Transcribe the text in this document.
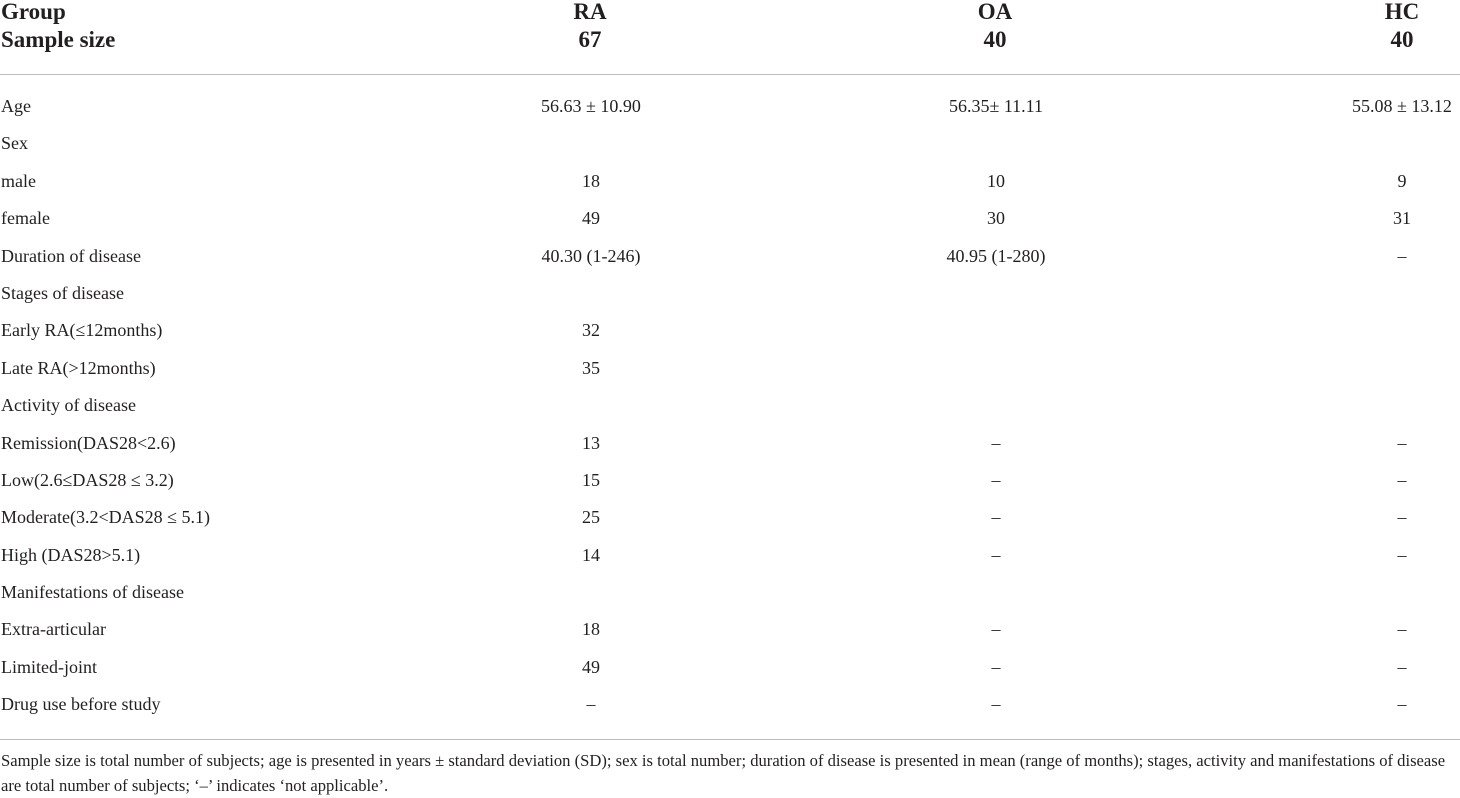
Group	RA	OA	HC
Sample size	67	40	40
Age	56.63 ± 10.90	56.35± 11.11	55.08 ± 13.12
Sex
male	18	10	9
female	49	30	31
Duration of disease	40.30 (1-246)	40.95 (1-280)	–
Stages of disease
Early RA(≤12months)	32
Late RA(>12months)	35
Activity of disease
Remission(DAS28<2.6)	13	–	–
Low(2.6≤DAS28 ≤ 3.2)	15	–	–
Moderate(3.2<DAS28 ≤ 5.1)	25	–	–
High (DAS28>5.1)	14	–	–
Manifestations of disease
Extra-articular	18	–	–
Limited-joint	49	–	–
Drug use before study	–	–	–
Sample size is total number of subjects; age is presented in years ± standard deviation (SD); sex is total number; duration of disease is presented in mean (range of months); stages, activity and manifestations of disease are total number of subjects; ‘–’ indicates ‘not applicable’.
